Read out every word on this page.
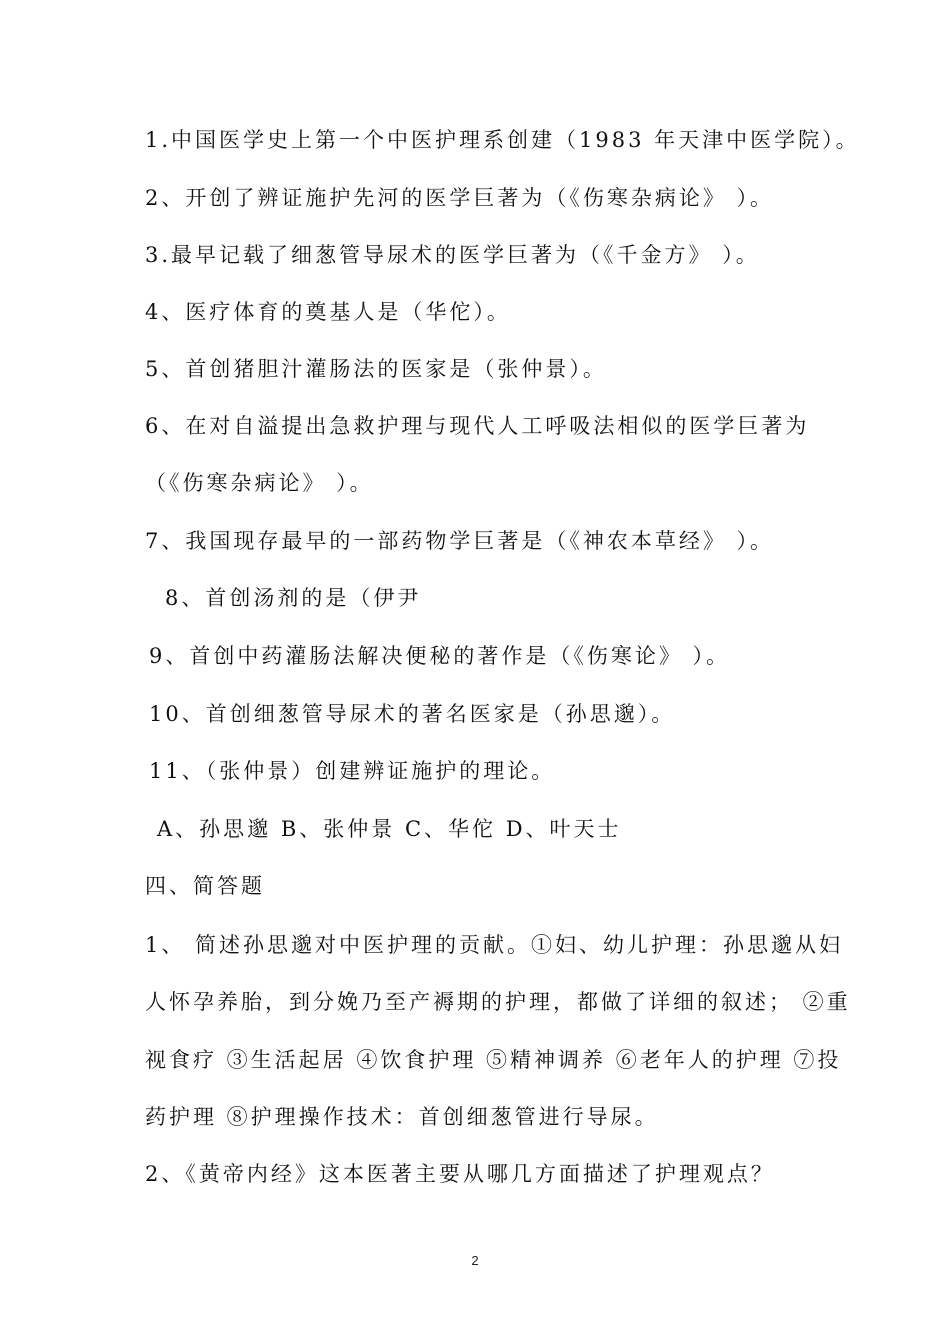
1.中国医学史上第一个中医护理系创建（1983 年天津中医学院）。
2、开创了辨证施护先河的医学巨著为（《伤寒杂病论》 ）。
3.最早记载了细葱管导尿术的医学巨著为（《千金方》 ）。
4、医疗体育的奠基人是（华佗）。
5、首创猪胆汁灌肠法的医家是（张仲景）。
6、在对自溢提出急救护理与现代人工呼吸法相似的医学巨著为
（《伤寒杂病论》 ）。
7、我国现存最早的一部药物学巨著是（《神农本草经》 ）。
8、首创汤剂的是（伊尹
9、首创中药灌肠法解决便秘的著作是（《伤寒论》 ）。
10、首创细葱管导尿术的著名医家是（孙思邈）。
11、（张仲景）创建辨证施护的理论。
A、孙思邈 B、张仲景 C、华佗 D、叶天士
四、简答题
1、 简述孙思邈对中医护理的贡献。①妇、幼儿护理：孙思邈从妇
人怀孕养胎，到分娩乃至产褥期的护理，都做了详细的叙述； ②重
视食疗 ③生活起居 ④饮食护理 ⑤精神调养 ⑥老年人的护理 ⑦投
药护理 ⑧护理操作技术：首创细葱管进行导尿。
2、《黄帝内经》这本医著主要从哪几方面描述了护理观点？
2
